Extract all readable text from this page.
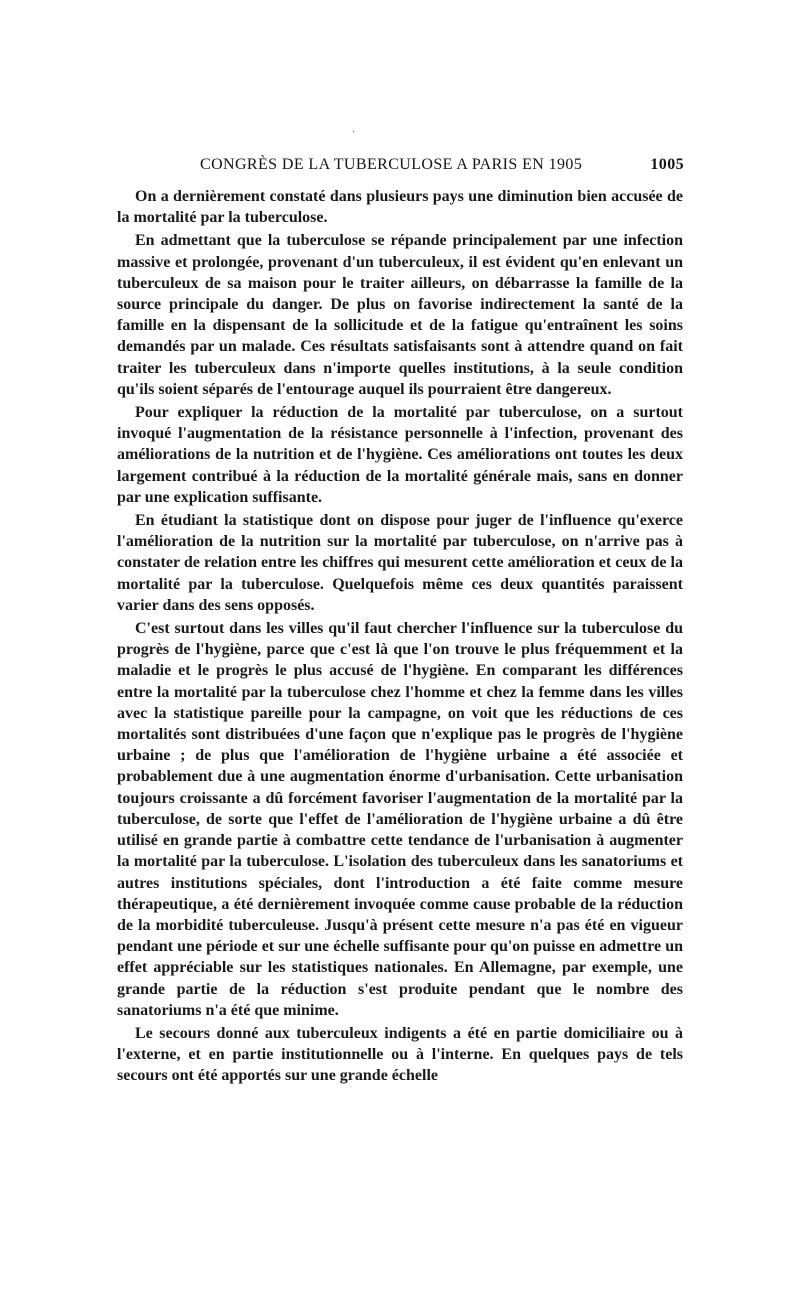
ʼ
CONGRÈS DE LA TUBERCULOSE A PARIS EN 1905	1005

On a dernièrement constaté dans plusieurs pays une diminution bien accusée de la mortalité par la tuberculose.

En admettant que la tuberculose se répande principalement par une infection massive et prolongée, provenant d'un tuberculeux, il est évident qu'en enlevant un tuberculeux de sa maison pour le traiter ailleurs, on débarrasse la famille de la source principale du danger. De plus on favorise indirectement la santé de la famille en la dispensant de la sollicitude et de la fatigue qu'entraînent les soins demandés par un malade. Ces résultats satisfaisants sont à attendre quand on fait traiter les tuberculeux dans n'importe quelles institutions, à la seule condition qu'ils soient séparés de l'entourage auquel ils pourraient être dangereux.

Pour expliquer la réduction de la mortalité par tuberculose, on a surtout invoqué l'augmentation de la résistance personnelle à l'infection, provenant des améliorations de la nutrition et de l'hygiène. Ces améliorations ont toutes les deux largement contribué à la réduction de la mortalité générale mais, sans en donner par une explication suffisante.

En étudiant la statistique dont on dispose pour juger de l'influence qu'exerce l'amélioration de la nutrition sur la mortalité par tuberculose, on n'arrive pas à constater de relation entre les chiffres qui mesurent cette amélioration et ceux de la mortalité par la tuberculose. Quelquefois même ces deux quantités paraissent varier dans des sens opposés.

C'est surtout dans les villes qu'il faut chercher l'influence sur la tuberculose du progrès de l'hygiène, parce que c'est là que l'on trouve le plus fréquemment et la maladie et le progrès le plus accusé de l'hygiène. En comparant les différences entre la mortalité par la tuberculose chez l'homme et chez la femme dans les villes avec la statistique pareille pour la campagne, on voit que les réductions de ces mortalités sont distribuées d'une façon que n'explique pas le progrès de l'hygiène urbaine ; de plus que l'amélioration de l'hygiène urbaine a été associée et probablement due à une augmentation énorme d'urbanisation. Cette urbanisation toujours croissante a dû forcément favoriser l'augmentation de la mortalité par la tuberculose, de sorte que l'effet de l'amélioration de l'hygiène urbaine a dû être utilisé en grande partie à combattre cette tendance de l'urbanisation à augmenter la mortalité par la tuberculose. L'isolation des tuberculeux dans les sanatoriums et autres institutions spéciales, dont l'introduction a été faite comme mesure thérapeutique, a été dernièrement invoquée comme cause probable de la réduction de la morbidité tuberculeuse. Jusqu'à présent cette mesure n'a pas été en vigueur pendant une période et sur une échelle suffisante pour qu'on puisse en admettre un effet appréciable sur les statistiques nationales. En Allemagne, par exemple, une grande partie de la réduction s'est produite pendant que le nombre des sanatoriums n'a été que minime.

Le secours donné aux tuberculeux indigents a été en partie domiciliaire ou à l'externe, et en partie institutionnelle ou à l'interne. En quelques pays de tels secours ont été apportés sur une grande échelle
